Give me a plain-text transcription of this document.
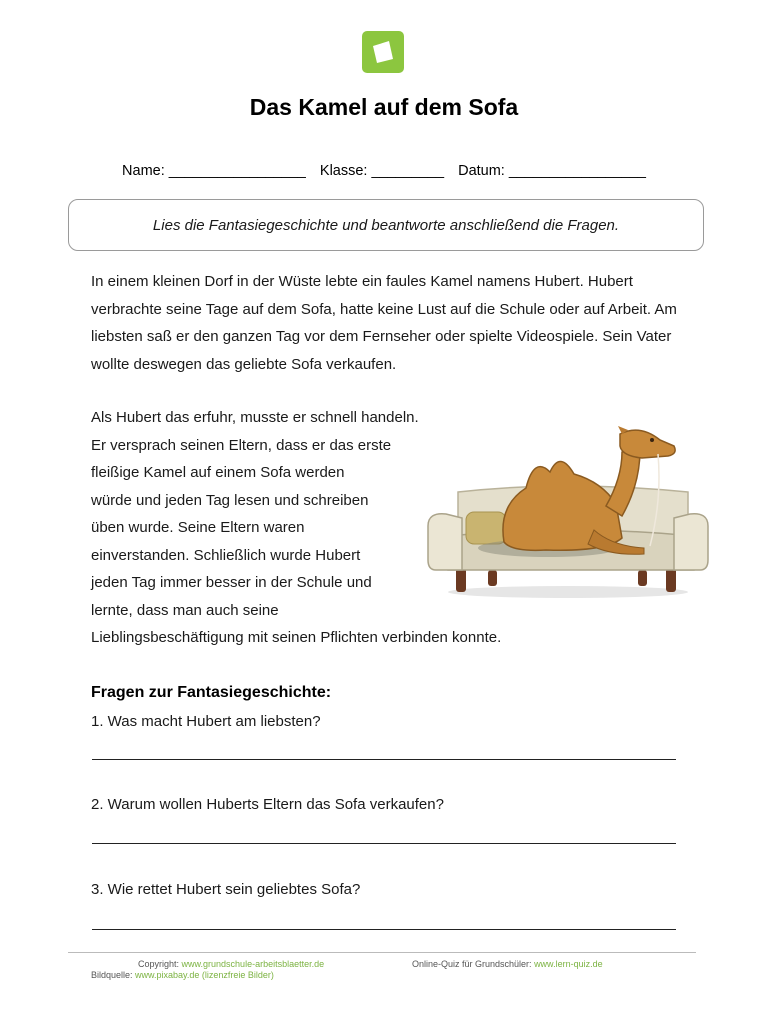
Das Kamel auf dem Sofa
Name: _________________ Klasse: _________ Datum: _________________
Lies die Fantasiegeschichte und beantworte anschließend die Fragen.

In einem kleinen Dorf in der Wüste lebte ein faules Kamel namens Hubert. Hubert verbrachte seine Tage auf dem Sofa, hatte keine Lust auf die Schule oder auf Arbeit. Am liebsten saß er den ganzen Tag vor dem Fernseher oder spielte Videospiele. Sein Vater wollte deswegen das geliebte Sofa verkaufen.

Als Hubert das erfuhr, musste er schnell handeln.
Er versprach seinen Eltern, dass er das erste
fleißige Kamel auf einem Sofa werden
würde und jeden Tag lesen und schreiben
üben wurde. Seine Eltern waren
einverstanden. Schließlich wurde Hubert
jeden Tag immer besser in der Schule und
lernte, dass man auch seine
Lieblingsbeschäftigung mit seinen Pflichten verbinden konnte.
Fragen zur Fantasiegeschichte:
1. Was macht Hubert am liebsten?
2. Warum wollen Huberts Eltern das Sofa verkaufen?
3. Wie rettet Hubert sein geliebtes Sofa?
Copyright: www.grundschule-arbeitsblaetter.de	Online-Quiz für Grundschüler: www.lern-quiz.de
Bildquelle: www.pixabay.de (lizenzfreie Bilder)
